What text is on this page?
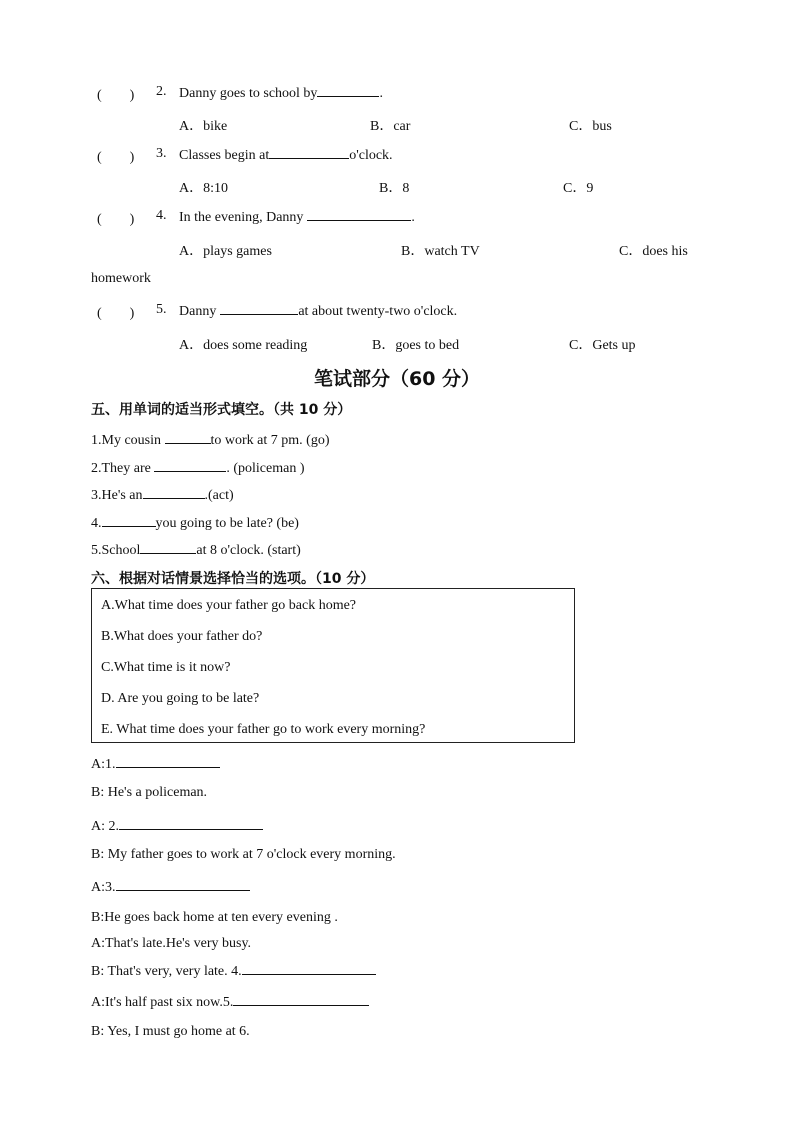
(　　) 2. Danny goes to school by	.
A．bike	B．car	C．bus
(　　) 3. Classes begin at	o'clock.
A．8:10	B．8	C．9
(　　) 4. In the evening, Danny	.
A．plays games	B．watch TV	C．does his
homework
(　　) 5. Danny	at about twenty-two o'clock.
A．does some reading	B．goes to bed	C．Gets up
笔试部分（60 分）
五、用单词的适当形式填空。（共 10 分）
1.My cousin	to work at 7 pm. (go)
2.They are	. (policeman )
3.He's an	.(act)
4.	you going to be late? (be)
5.School	at 8 o'clock. (start)
六、根据对话情景选择恰当的选项。（10 分）
A.What time does your father go back home?
B.What does your father do?
C.What time is it now?
D. Are you going to be late?
E. What time does your father go to work every morning?
A:1.
B: He's a policeman.
A: 2.
B: My father goes to work at 7 o'clock every morning.
A:3.
B:He goes back home at ten every evening .
A:That's late.He's very busy.
B: That's very, very late. 4.
A:It's half past six now.5.
B: Yes, I must go home at 6.
